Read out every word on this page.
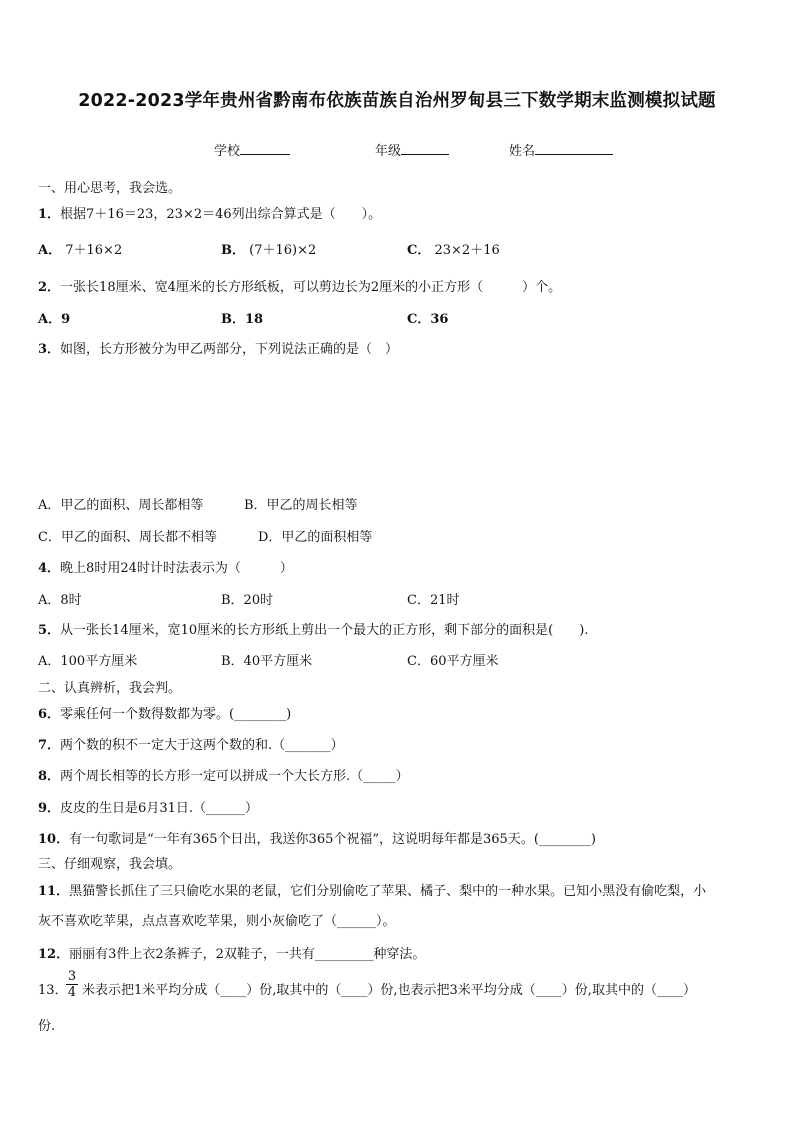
2022-2023学年贵州省黔南布依族苗族自治州罗甸县三下数学期末监测模拟试题
学校	年级	姓名
一、用心思考，我会选。
1．根据7＋16＝23，23×2＝46列出综合算式是（　　）。
A． 7＋16×2	B． (7＋16)×2	C． 23×2＋16
2．一张长18厘米、宽4厘米的长方形纸板，可以剪边长为2厘米的小正方形（　　　）个。
A．9	B．18	C．36
3．如图，长方形被分为甲乙两部分，下列说法正确的是（　）
A．甲乙的面积、周长都相等	B．甲乙的周长相等
C．甲乙的面积、周长都不相等	D．甲乙的面积相等
4．晚上8时用24时计时法表示为（　　　）
A．8时	B．20时	C．21时
5．从一张长14厘米，宽10厘米的长方形纸上剪出一个最大的正方形，剩下部分的面积是(　　).
A．100平方厘米	B．40平方厘米	C．60平方厘米
二、认真辨析，我会判。
6．零乘任何一个数得数都为零。(________)
7．两个数的积不一定大于这两个数的和.（_______）
8．两个周长相等的长方形一定可以拼成一个大长方形.（_____）
9．皮皮的生日是6月31日.（______）
10．有一句歌词是“一年有365个日出，我送你365个祝福”，这说明每年都是365天。(________)
三、仔细观察，我会填。
11．黑猫警长抓住了三只偷吃水果的老鼠，它们分别偷吃了苹果、橘子、梨中的一种水果。已知小黑没有偷吃梨，小
灰不喜欢吃苹果，点点喜欢吃苹果，则小灰偷吃了（______）。
12．丽丽有3件上衣2条裤子，2双鞋子，一共有_________种穿法。
13．
$\frac{3}{4}$ 米表示把1米平均分成（____）份,取其中的（____）份,也表示把3米平均分成（____）份,取其中的（____）
份.
